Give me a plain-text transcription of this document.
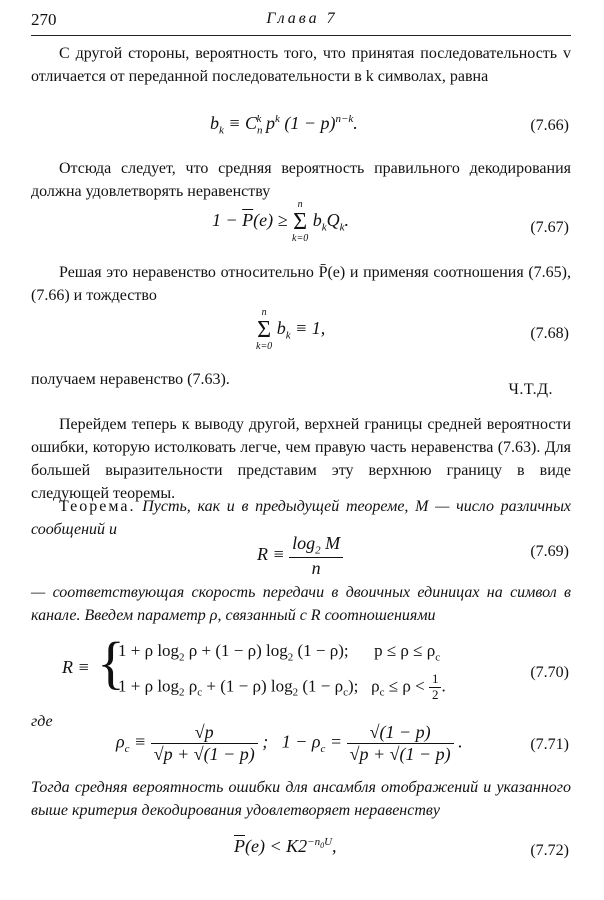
270	Глава 7
С другой стороны, вероятность того, что принятая последовательность v отличается от переданной последовательности в k символах, равна
$b_k \equiv C_n^k$ $p^k$ $(1 - p)^{n-k}$.	(7.66)
Отсюда следует, что средняя вероятность правильного декодирования должна удовлетворять неравенству
$1 - \overline{P}(e)$ ≥
n
Σ
k=0
$b_kQ_k$.	(7.67)
Решая это неравенство относительно P̄(e) и применяя соотношения (7.65), (7.66) и тождество
n
Σ
k=0
$b_k \equiv 1$,	(7.68)
получаем неравенство (7.63).
Ч.Т.Д.
Перейдем теперь к выводу другой, верхней границы средней вероятности ошибки, которую истолковать легче, чем правую часть неравенства (7.63). Для большей выразительности представим эту верхнюю границу в виде следующей теоремы.
Теорема. Пусть, как и в предыдущей теореме, M — число различных сообщений и
$R \equiv \frac{\log_2 M}{n}$	(7.69)
— соответствующая скорость передачи в двоичных единицах на символ в канале. Введем параметр ρ, связанный с R соотношениями
R ≡ {
1 + ρ $\log_2 \rho + (1 - \rho)$ $\log_2 (1 - \rho)$;      $p \le \rho \le \rho_c$
1 + ρ $\log_2 \rho_c + (1 - \rho)$ $\log_2 (1 - \rho_c)$;   $\rho_c \le \rho < \frac{1}{2}$ .
(7.70)
где
$\rho_c \equiv \frac{√p}{√p + √(1 - p)}$ ;   $1 - \rho_c = \frac{√(1 - p)}{√p + √(1 - p)}$ .	(7.71)
Тогда средняя вероятность ошибки для ансамбля отображений и указанного выше критерия декодирования удовлетворяет неравенству
$\overline{P}(e) < K2^{-n_0U}$,	(7.72)
